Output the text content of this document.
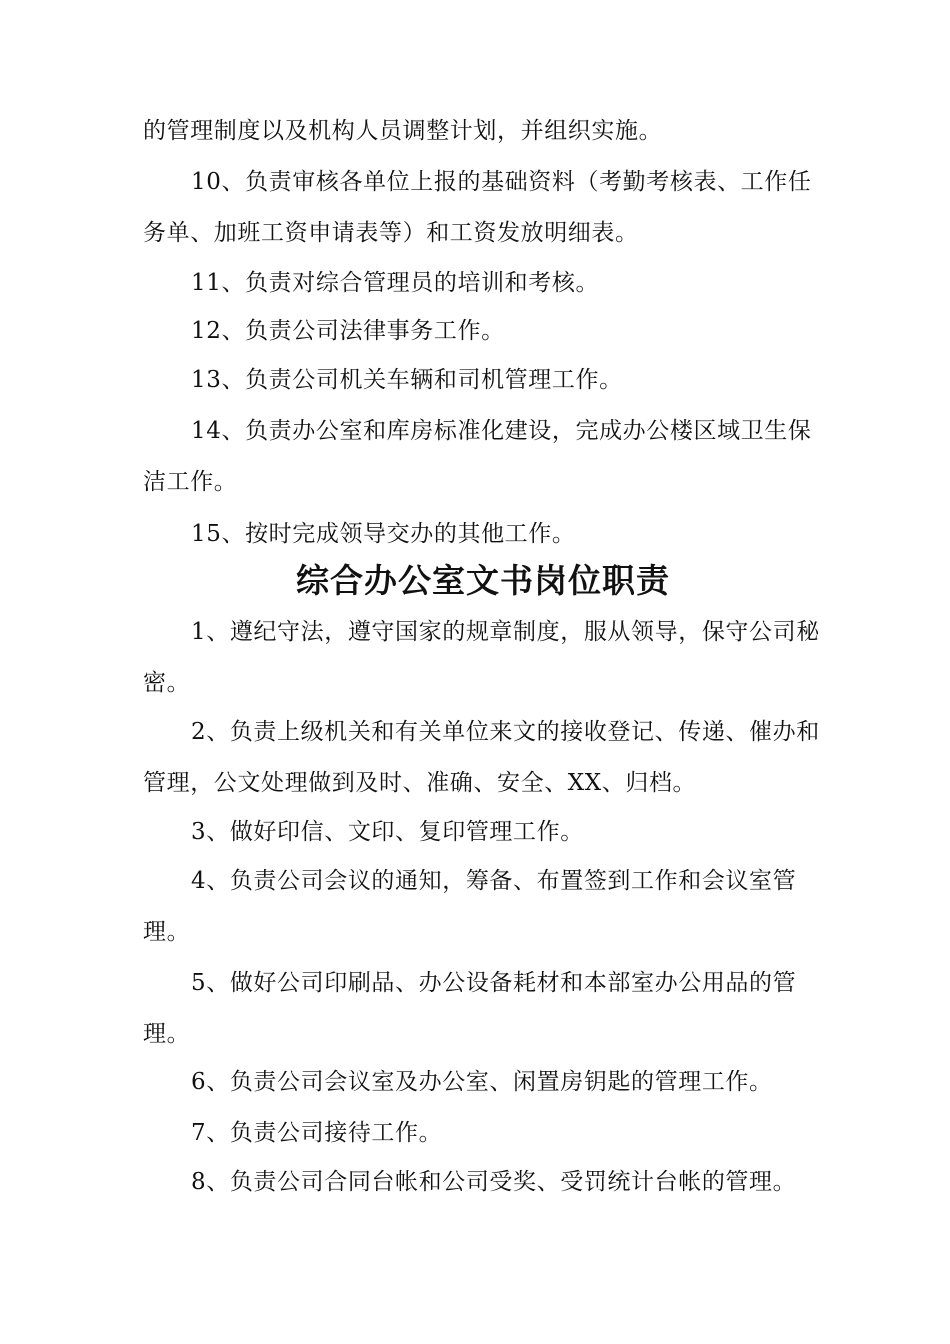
的管理制度以及机构人员调整计划，并组织实施。

10、负责审核各单位上报的基础资料（考勤考核表、工作任务单、加班工资申请表等）和工资发放明细表。

11、负责对综合管理员的培训和考核。

12、负责公司法律事务工作。

13、负责公司机关车辆和司机管理工作。

14、负责办公室和库房标准化建设，完成办公楼区域卫生保洁工作。

15、按时完成领导交办的其他工作。

综合办公室文书岗位职责

1、遵纪守法，遵守国家的规章制度，服从领导，保守公司秘密。

2、负责上级机关和有关单位来文的接收登记、传递、催办和管理，公文处理做到及时、准确、安全、XX、归档。

3、做好印信、文印、复印管理工作。

4、负责公司会议的通知，筹备、布置签到工作和会议室管理。

5、做好公司印刷品、办公设备耗材和本部室办公用品的管理。

6、负责公司会议室及办公室、闲置房钥匙的管理工作。

7、负责公司接待工作。

8、负责公司合同台帐和公司受奖、受罚统计台帐的管理。
